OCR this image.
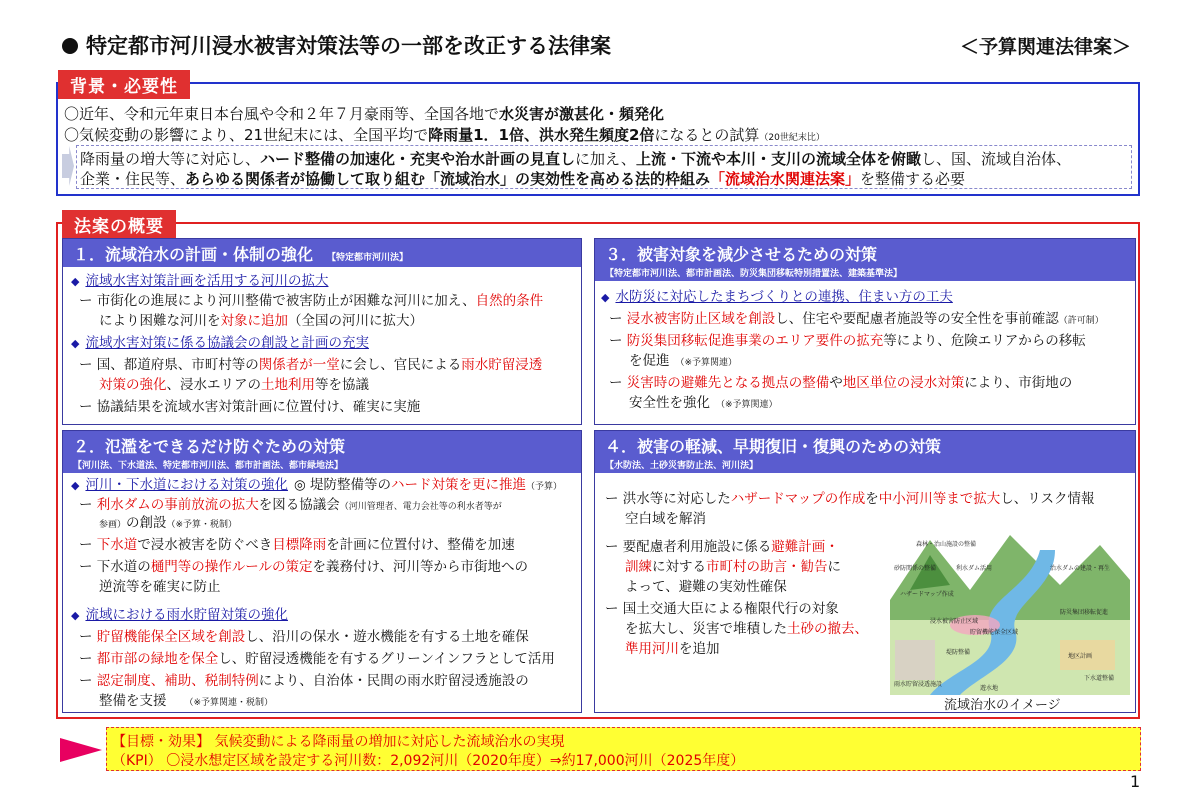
特定都市河川浸水被害対策法等の一部を改正する法律案	＜予算関連法律案＞
背景・必要性
〇近年、令和元年東日本台風や令和２年７月豪雨等、全国各地で水災害が激甚化・頻発化
〇気候変動の影響により、21世紀末には、全国平均で降雨量1．1倍、洪水発生頻度2倍になるとの試算（20世紀末比）
降雨量の増大等に対応し、ハード整備の加速化・充実や治水計画の見直しに加え、上流・下流や本川・支川の流域全体を俯瞰し、国、流域自治体、
企業・住民等、あらゆる関係者が協働して取り組む「流域治水」の実効性を高める法的枠組み「流域治水関連法案」を整備する必要
法案の概要
１．流域治水の計画・体制の強化 【特定都市河川法】
◆ 流域水害対策計画を活用する河川の拡大
ー 市街化の進展により河川整備で被害防止が困難な河川に加え、自然的条件
により困難な河川を対象に追加（全国の河川に拡大）
◆ 流域水害対策に係る協議会の創設と計画の充実
ー 国、都道府県、市町村等の関係者が一堂に会し、官民による雨水貯留浸透
対策の強化、浸水エリアの土地利用等を協議
ー 協議結果を流域水害対策計画に位置付け、確実に実施
２．氾濫をできるだけ防ぐための対策
【河川法、下水道法、特定都市河川法、都市計画法、都市緑地法】
◆ 河川・下水道における対策の強化 ◎ 堤防整備等のハード対策を更に推進（予算）
ー 利水ダムの事前放流の拡大を図る協議会（河川管理者、電力会社等の利水者等が
参画）の創設（※予算・税制）
ー 下水道で浸水被害を防ぐべき目標降雨を計画に位置付け、整備を加速
ー 下水道の樋門等の操作ルールの策定を義務付け、河川等から市街地への
逆流等を確実に防止
◆ 流域における雨水貯留対策の強化
ー 貯留機能保全区域を創設し、沿川の保水・遊水機能を有する土地を確保
ー 都市部の緑地を保全し、貯留浸透機能を有するグリーンインフラとして活用
ー 認定制度、補助、税制特例により、自治体・民間の雨水貯留浸透施設の
整備を支援 （※予算関連・税制）
３．被害対象を減少させるための対策
【特定都市河川法、都市計画法、防災集団移転特別措置法、建築基準法】
◆ 水防災に対応したまちづくりとの連携、住まい方の工夫
ー 浸水被害防止区域を創設し、住宅や要配慮者施設等の安全性を事前確認（許可制）
ー 防災集団移転促進事業のエリア要件の拡充等により、危険エリアからの移転
を促進 （※予算関連）
ー 災害時の避難先となる拠点の整備や地区単位の浸水対策により、市街地の
安全性を強化 （※予算関連）
４．被害の軽減、早期復旧・復興のための対策
【水防法、土砂災害防止法、河川法】
ー 洪水等に対応したハザードマップの作成を中小河川等まで拡大し、リスク情報
空白域を解消
ー 要配慮者利用施設に係る避難計画・
訓練に対する市町村の助言・勧告に
よって、避難の実効性確保
ー 国土交通大臣による権限代行の対象
を拡大し、災害で堆積した土砂の撤去、
準用河川を追加
森林・治山施設の整備
砂防関係の整備	利水ダム活用	治水ダムの建設・再生
ハザードマップ作成
浸水被害防止区域
貯留機能保全区域
防災集団移転促進
雨水貯留浸透施設
堤防整備
地区計画
遊水地
下水道整備
流域治水のイメージ
【目標・効果】 気候変動による降雨量の増加に対応した流域治水の実現
（KPI） 〇浸水想定区域を設定する河川数：2,092河川（2020年度）⇒約17,000河川（2025年度）
1
